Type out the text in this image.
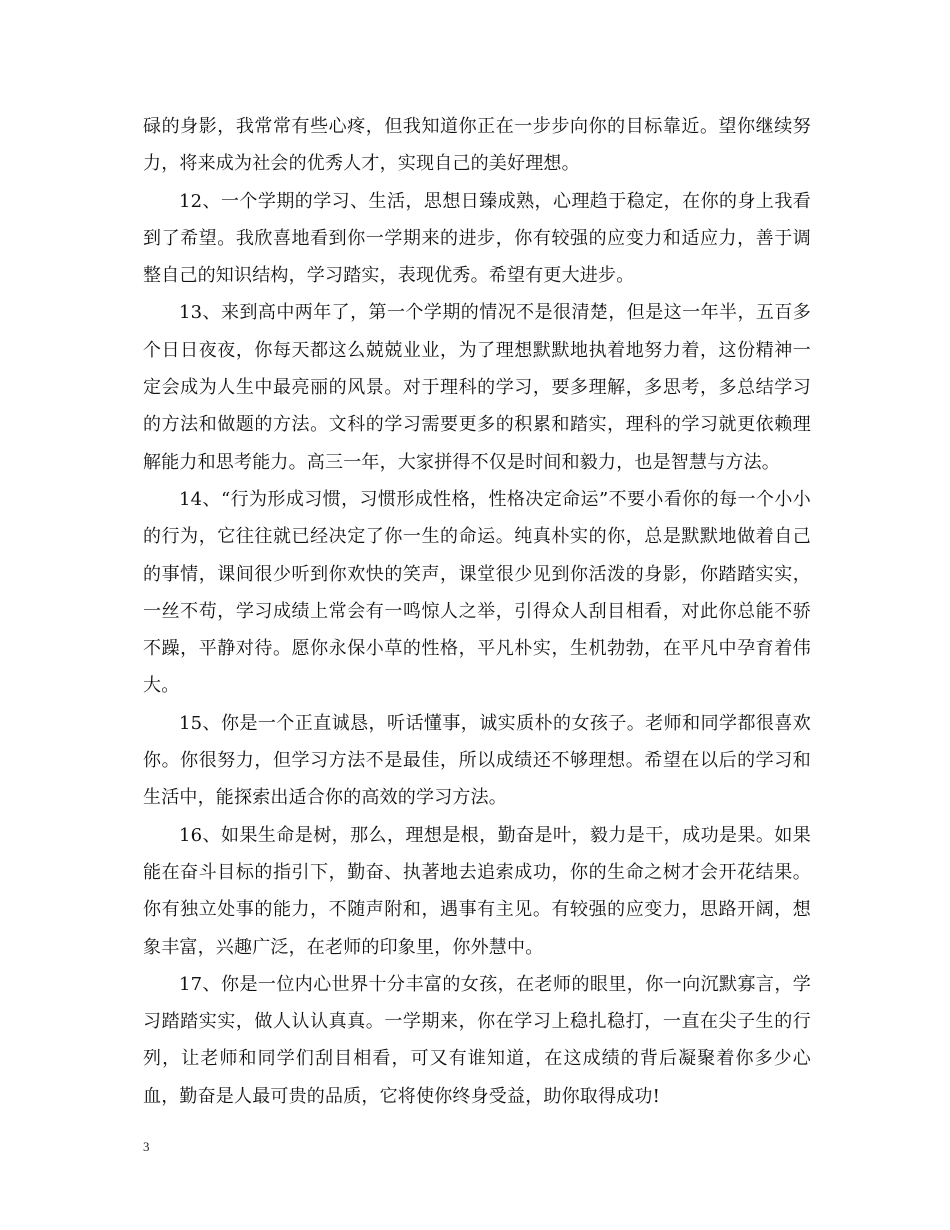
碌的身影，我常常有些心疼，但我知道你正在一步步向你的目标靠近。望你继续努力，将来成为社会的优秀人才，实现自己的美好理想。

12、一个学期的学习、生活，思想日臻成熟，心理趋于稳定，在你的身上我看到了希望。我欣喜地看到你一学期来的进步，你有较强的应变力和适应力，善于调整自己的知识结构，学习踏实，表现优秀。希望有更大进步。

13、来到高中两年了，第一个学期的情况不是很清楚，但是这一年半，五百多个日日夜夜，你每天都这么兢兢业业，为了理想默默地执着地努力着，这份精神一定会成为人生中最亮丽的风景。对于理科的学习，要多理解，多思考，多总结学习的方法和做题的方法。文科的学习需要更多的积累和踏实，理科的学习就更依赖理解能力和思考能力。高三一年，大家拼得不仅是时间和毅力，也是智慧与方法。

14、“行为形成习惯，习惯形成性格，性格决定命运”不要小看你的每一个小小的行为，它往往就已经决定了你一生的命运。纯真朴实的你，总是默默地做着自己的事情，课间很少听到你欢快的笑声，课堂很少见到你活泼的身影，你踏踏实实，一丝不苟，学习成绩上常会有一鸣惊人之举，引得众人刮目相看，对此你总能不骄不躁，平静对待。愿你永保小草的性格，平凡朴实，生机勃勃，在平凡中孕育着伟大。

15、你是一个正直诚恳，听话懂事，诚实质朴的女孩子。老师和同学都很喜欢你。你很努力，但学习方法不是最佳，所以成绩还不够理想。希望在以后的学习和生活中，能探索出适合你的高效的学习方法。

16、如果生命是树，那么，理想是根，勤奋是叶，毅力是干，成功是果。如果能在奋斗目标的指引下，勤奋、执著地去追索成功，你的生命之树才会开花结果。你有独立处事的能力，不随声附和，遇事有主见。有较强的应变力，思路开阔，想象丰富，兴趣广泛，在老师的印象里，你外慧中。

17、你是一位内心世界十分丰富的女孩，在老师的眼里，你一向沉默寡言，学习踏踏实实，做人认认真真。一学期来，你在学习上稳扎稳打，一直在尖子生的行列，让老师和同学们刮目相看，可又有谁知道，在这成绩的背后凝聚着你多少心血，勤奋是人最可贵的品质，它将使你终身受益，助你取得成功!

3
